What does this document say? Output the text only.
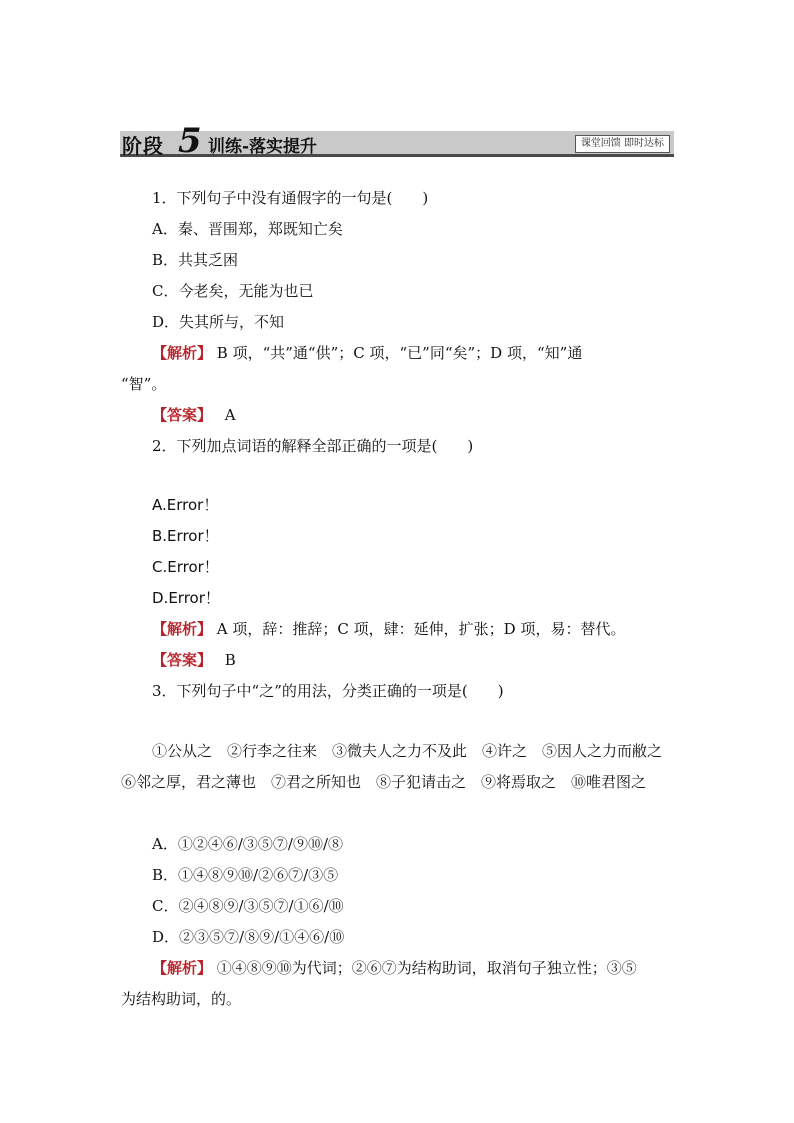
阶段 5 训练-落实提升	课堂回馈 即时达标
1．下列句子中没有通假字的一句是(　　)
A．秦、晋围郑，郑既知亡矣
B．共其乏困
C．今老矣，无能为也已
D．失其所与，不知
【解析】 B 项，“共”通“供”；C 项，“已”同“矣”；D 项，“知”通
“智”。
【答案】 A
2．下列加点词语的解释全部正确的一项是(　　)
A.Error！
B.Error！
C.Error！
D.Error！
【解析】 A 项，辞：推辞；C 项，肆：延伸，扩张；D 项，易：替代。
【答案】 B
3．下列句子中“之”的用法，分类正确的一项是(　　)
①公从之　②行李之往来　③微夫人之力不及此　④许之　⑤因人之力而敝之　⑥邻之厚，君之薄也　⑦君之所知也　⑧子犯请击之　⑨将焉取之　⑩唯君图之
A．①②④⑥/③⑤⑦/⑨⑩/⑧
B．①④⑧⑨⑩/②⑥⑦/③⑤
C．②④⑧⑨/③⑤⑦/①⑥/⑩
D．②③⑤⑦/⑧⑨/①④⑥/⑩
【解析】 ①④⑧⑨⑩为代词；②⑥⑦为结构助词，取消句子独立性；③⑤
为结构助词，的。
